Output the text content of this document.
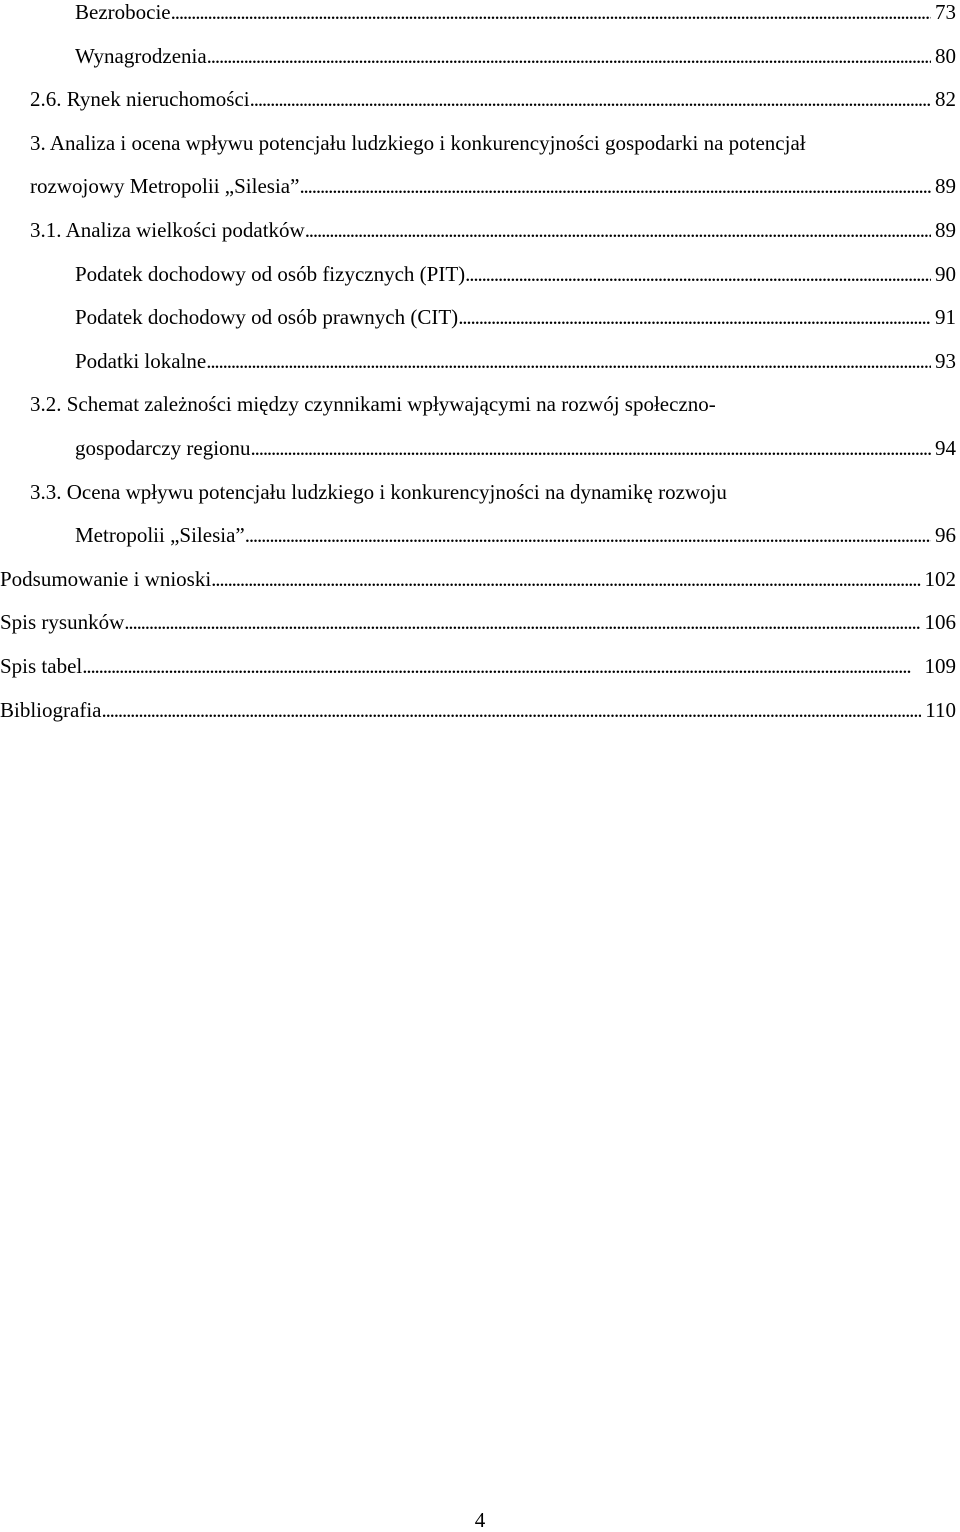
Bezrobocie . . .	73
Wynagrodzenia . . .	80
2.6. Rynek nieruchomości . . .	82
3. Analiza i ocena wpływu potencjału ludzkiego i konkurencyjności gospodarki na potencjał
rozwojowy Metropolii „Silesia” . . .	89
3.1. Analiza wielkości podatków . . .	89
Podatek dochodowy od osób fizycznych (PIT) . . .	90
Podatek dochodowy od osób prawnych (CIT) . . .	91
Podatki lokalne . . .	93
3.2. Schemat zależności między czynnikami wpływającymi na rozwój społeczno-
gospodarczy regionu . . .	94
3.3. Ocena wpływu potencjału ludzkiego i konkurencyjności na dynamikę rozwoju
Metropolii „Silesia” . . .	96
Podsumowanie i wnioski . . .	102
Spis rysunków . . .	106
Spis tabel . . .	109
Bibliografia . . .	110
4
